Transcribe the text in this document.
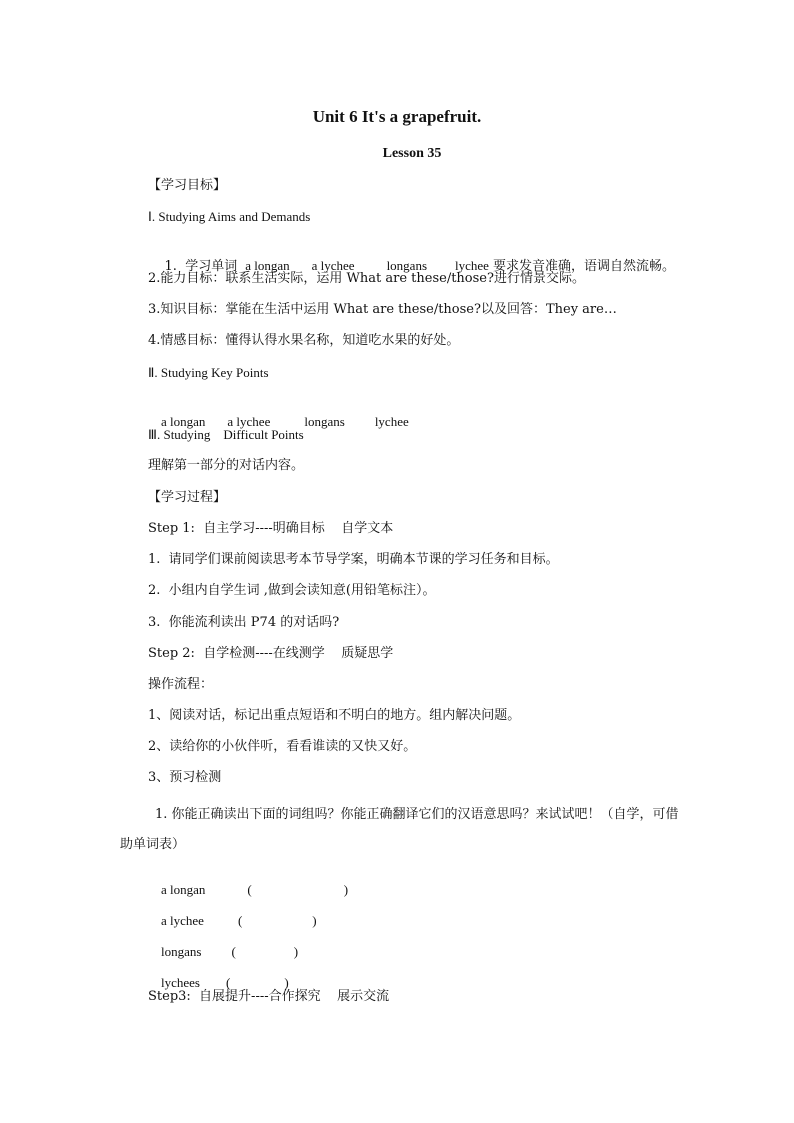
Unit 6 It's a grapefruit.
Lesson 35
【学习目标】
Ⅰ. Studying Aims and Demands

1.  学习单词 a longan a lychee longans lychee 要求发音准确，语调自然流畅。

2.能力目标：联系生活实际，运用 What are these/those?进行情景交际。
3.知识目标：掌能在生活中运用 What are these/those?以及回答：They are…
4.情感目标：懂得认得水果名称，知道吃水果的好处。
Ⅱ. Studying Key Points

a longan a lychee	longans lychee

Ⅲ. Studying    Difficult Points
理解第一部分的对话内容。
【学习过程】
Step 1:  自主学习----明确目标    自学文本
1.  请同学们课前阅读思考本节导学案，明确本节课的学习任务和目标。
2.  小组内自学生词 ,做到会读知意(用铅笔标注）。
3.  你能流利读出 P74 的对话吗?
Step 2:  自学检测----在线测学    质疑思学
操作流程：
1、阅读对话，标记出重点短语和不明白的地方。组内解决问题。
2、读给你的小伙伴听，看看谁读的又快又好。
3、预习检测
1. 你能正确读出下面的词组吗？你能正确翻译它们的汉语意思吗？来试试吧！（自学，可借助单词表）

a longan	(	)

a lychee	(	)

longans (	)

lychees (	)

Step3:  自展提升----合作探究    展示交流
